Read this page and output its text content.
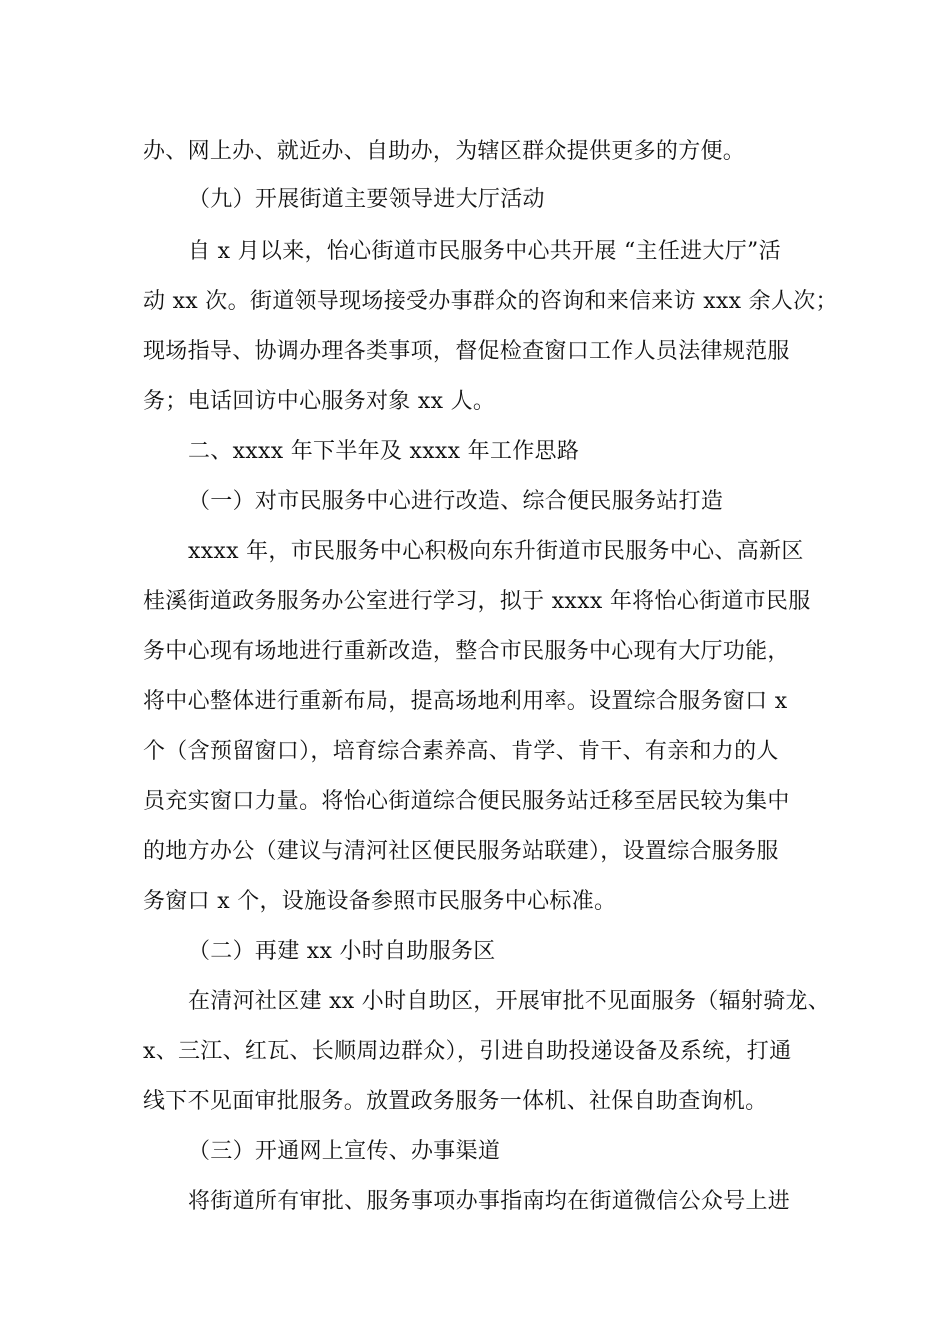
办、网上办、就近办、自助办，为辖区群众提供更多的方便。
（九）开展街道主要领导进大厅活动
自 x 月以来，怡心街道市民服务中心共开展 “主任进大厅”活
动 xx 次。街道领导现场接受办事群众的咨询和来信来访 xxx 余人次；
现场指导、协调办理各类事项，督促检查窗口工作人员法律规范服
务；电话回访中心服务对象 xx 人。
二、xxxx 年下半年及 xxxx 年工作思路
（一）对市民服务中心进行改造、综合便民服务站打造
xxxx 年，市民服务中心积极向东升街道市民服务中心、高新区
桂溪街道政务服务办公室进行学习，拟于 xxxx 年将怡心街道市民服
务中心现有场地进行重新改造，整合市民服务中心现有大厅功能，
将中心整体进行重新布局，提高场地利用率。设置综合服务窗口 x
个（含预留窗口），培育综合素养高、肯学、肯干、有亲和力的人
员充实窗口力量。将怡心街道综合便民服务站迁移至居民较为集中
的地方办公（建议与清河社区便民服务站联建），设置综合服务服
务窗口 x 个，设施设备参照市民服务中心标准。
（二）再建 xx 小时自助服务区
在清河社区建 xx 小时自助区，开展审批不见面服务（辐射骑龙、
x、三江、红瓦、长顺周边群众），引进自助投递设备及系统，打通
线下不见面审批服务。放置政务服务一体机、社保自助查询机。
（三）开通网上宣传、办事渠道
将街道所有审批、服务事项办事指南均在街道微信公众号上进
